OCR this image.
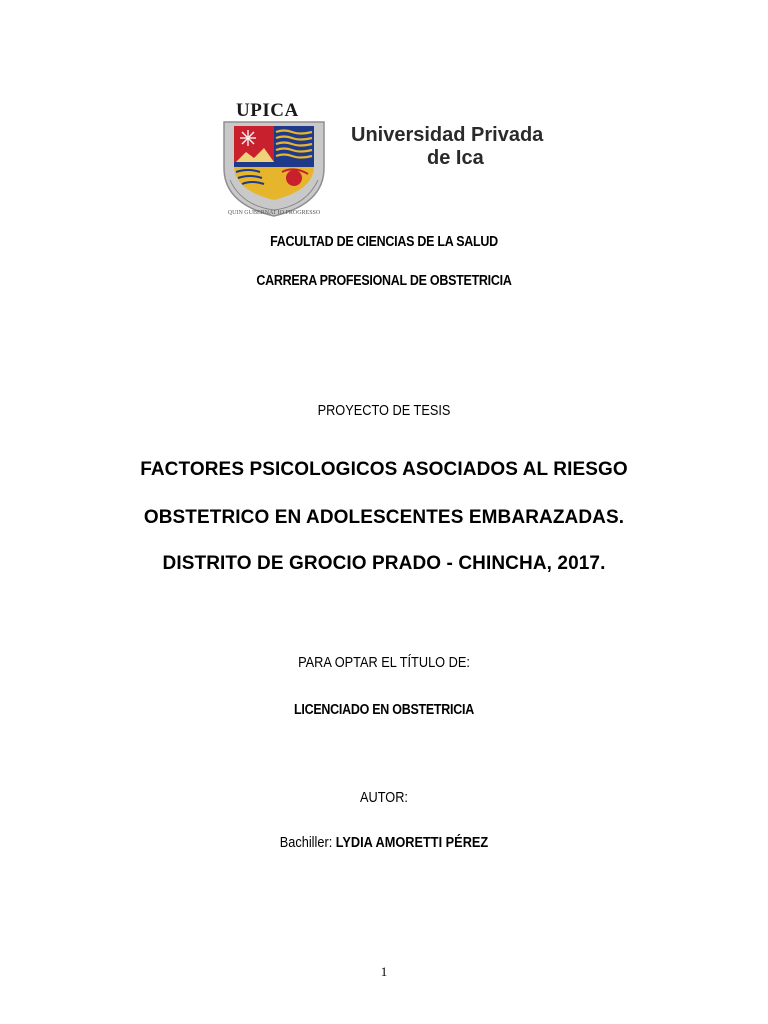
UPICA
QUIN GUBERNAT IO PROGRESSO
Universidad Privada
de Ica
FACULTAD DE CIENCIAS DE LA SALUD
CARRERA PROFESIONAL DE OBSTETRICIA
PROYECTO DE TESIS
FACTORES PSICOLOGICOS ASOCIADOS AL RIESGO
OBSTETRICO EN ADOLESCENTES EMBARAZADAS.
DISTRITO DE GROCIO PRADO - CHINCHA, 2017.
PARA OPTAR EL TÍTULO DE:
LICENCIADO EN OBSTETRICIA
AUTOR:
Bachiller: LYDIA AMORETTI PÉREZ
1
